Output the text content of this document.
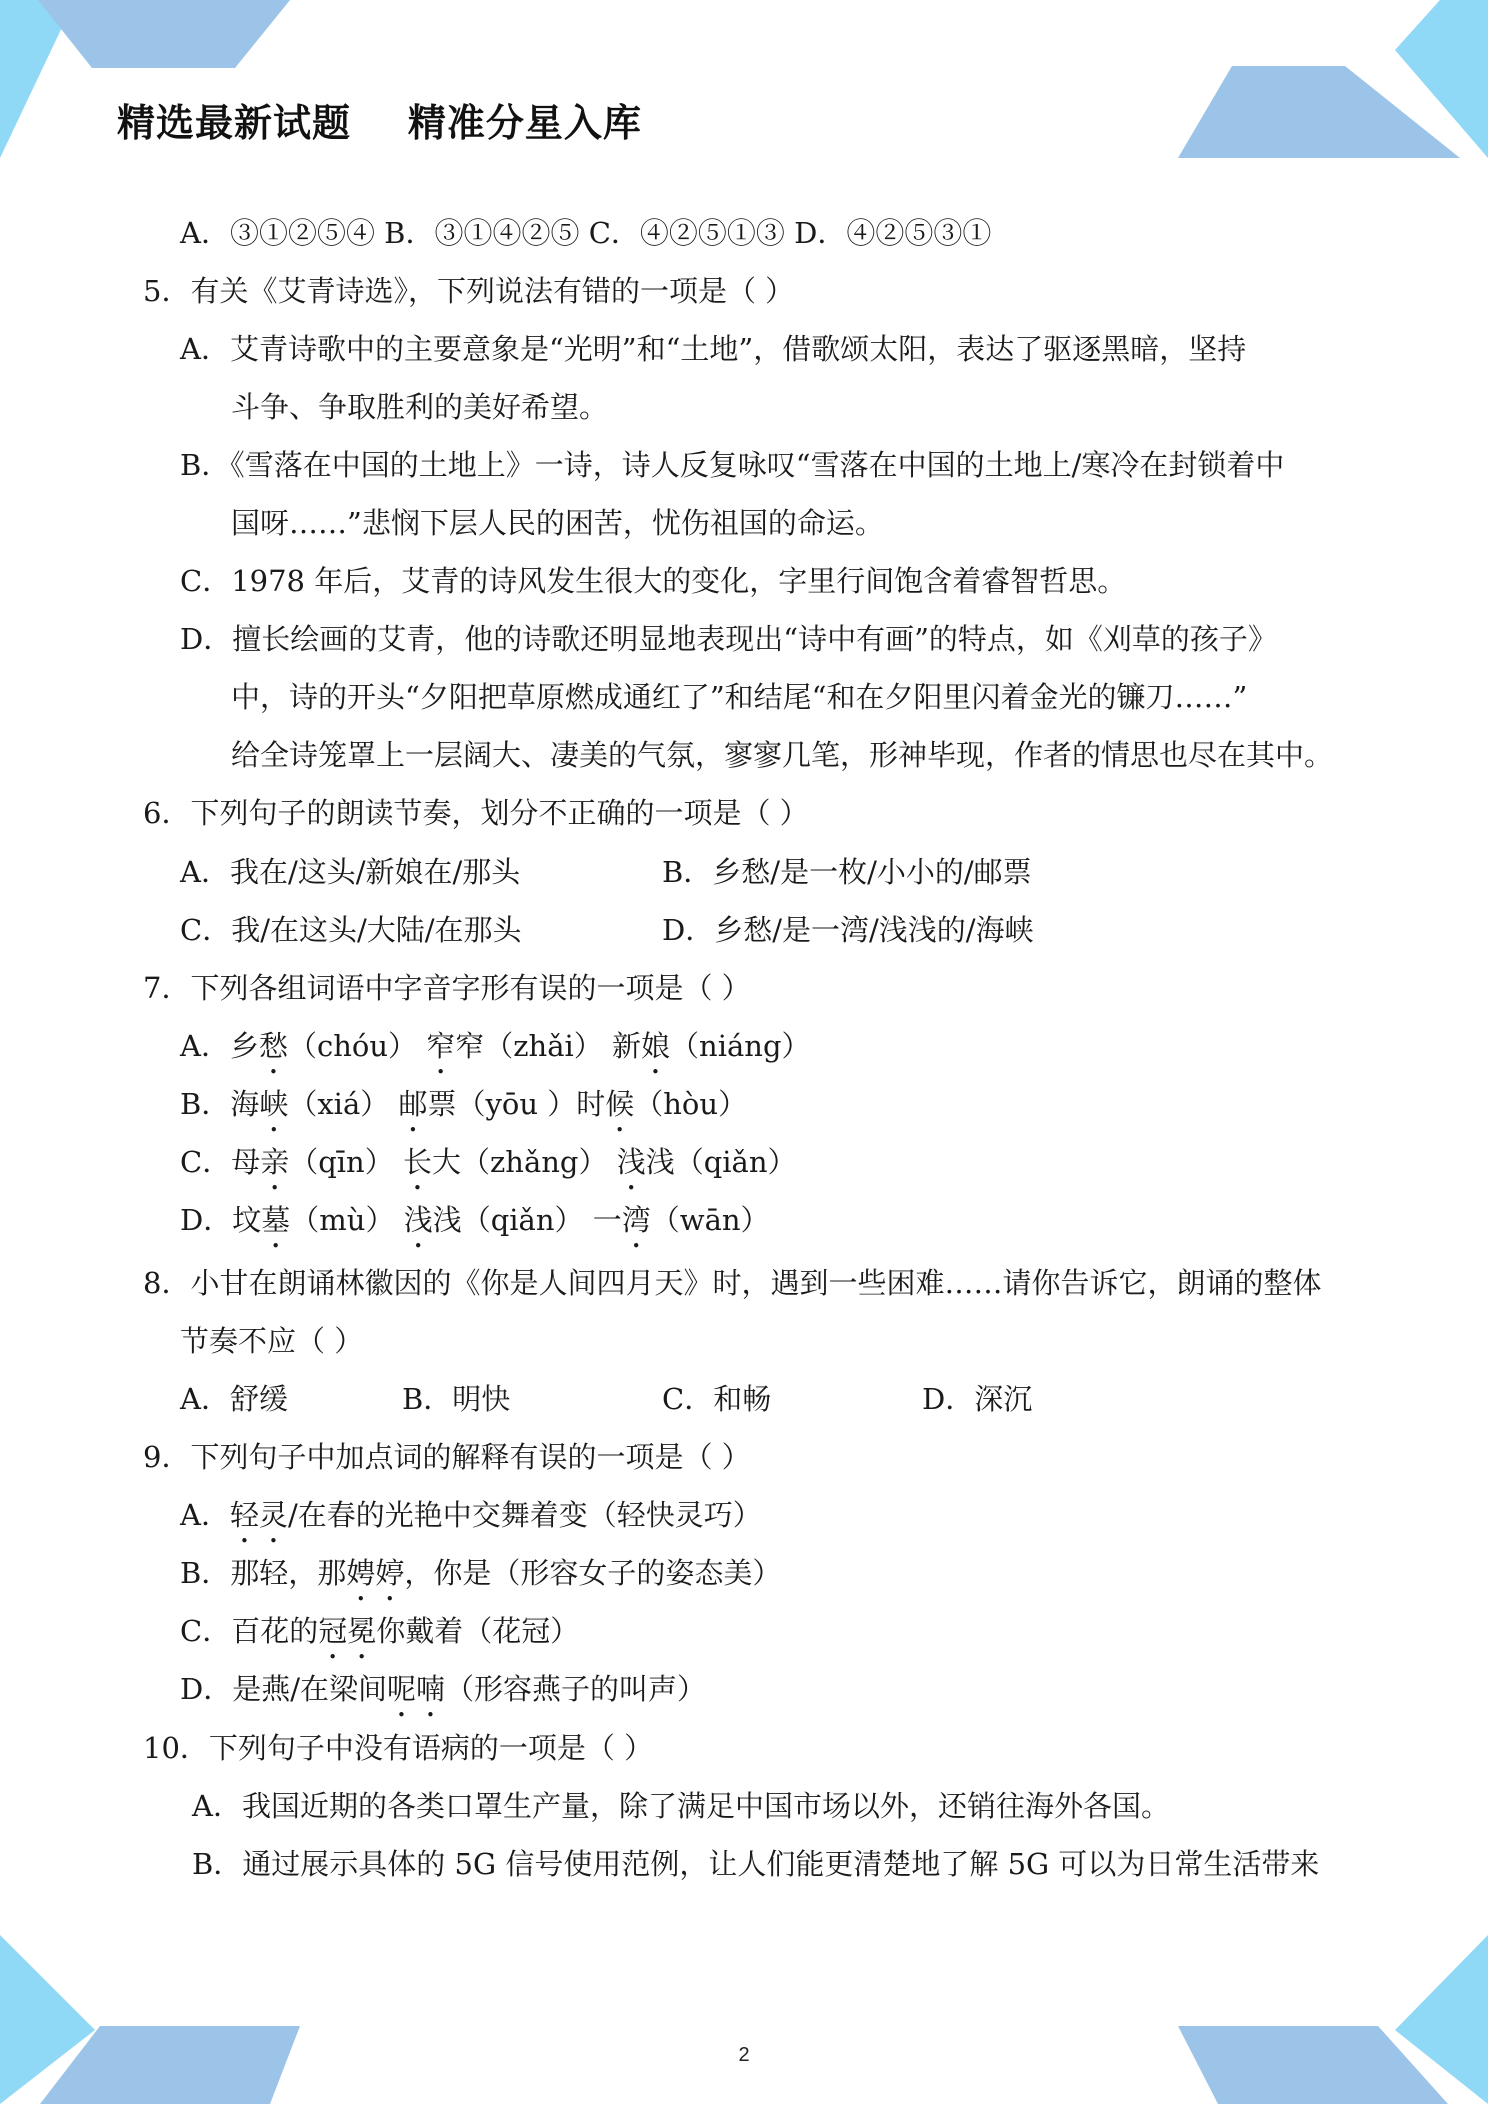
精选最新试题    精准分星入库
A．③①②⑤④ B．③①④②⑤ C．④②⑤①③ D．④②⑤③①
5．有关《艾青诗选》，下列说法有错的一项是（ ）
A．艾青诗歌中的主要意象是“光明”和“土地”，借歌颂太阳，表达了驱逐黑暗，坚持
斗争、争取胜利的美好希望。
B．《雪落在中国的土地上》一诗，诗人反复咏叹“雪落在中国的土地上/寒冷在封锁着中
国呀……”悲悯下层人民的困苦，忧伤祖国的命运。
C．1978 年后，艾青的诗风发生很大的变化，字里行间饱含着睿智哲思。
D．擅长绘画的艾青，他的诗歌还明显地表现出“诗中有画”的特点，如《刈草的孩子》
中，诗的开头“夕阳把草原燃成通红了”和结尾“和在夕阳里闪着金光的镰刀……”
给全诗笼罩上一层阔大、凄美的气氛，寥寥几笔，形神毕现，作者的情思也尽在其中。
6．下列句子的朗读节奏，划分不正确的一项是（ ）
A．我在/这头/新娘在/那头	B．乡愁/是一枚/小小的/邮票
C．我/在这头/大陆/在那头	D．乡愁/是一湾/浅浅的/海峡
7．下列各组词语中字音字形有误的一项是（ ）
A．乡愁（chóu） 窄窄（zhǎi） 新娘（niáng）
B．海峡（xiá） 邮票（yōu ）时候（hòu）
C．母亲（qīn） 长大（zhǎng） 浅浅（qiǎn）
D．坟墓（mù） 浅浅（qiǎn） 一湾（wān）
8．小甘在朗诵林徽因的《你是人间四月天》时，遇到一些困难……请你告诉它，朗诵的整体
节奏不应（ ）
A．舒缓	B．明快	C．和畅	D．深沉
9．下列句子中加点词的解释有误的一项是（ ）
A．轻灵/在春的光艳中交舞着变（轻快灵巧）
B．那轻，那娉婷，你是（形容女子的姿态美）
C．百花的冠冕你戴着（花冠）
D．是燕/在梁间呢喃（形容燕子的叫声）
10．下列句子中没有语病的一项是（ ）
A．我国近期的各类口罩生产量，除了满足中国市场以外，还销往海外各国。
B．通过展示具体的 5G 信号使用范例，让人们能更清楚地了解 5G 可以为日常生活带来
2
